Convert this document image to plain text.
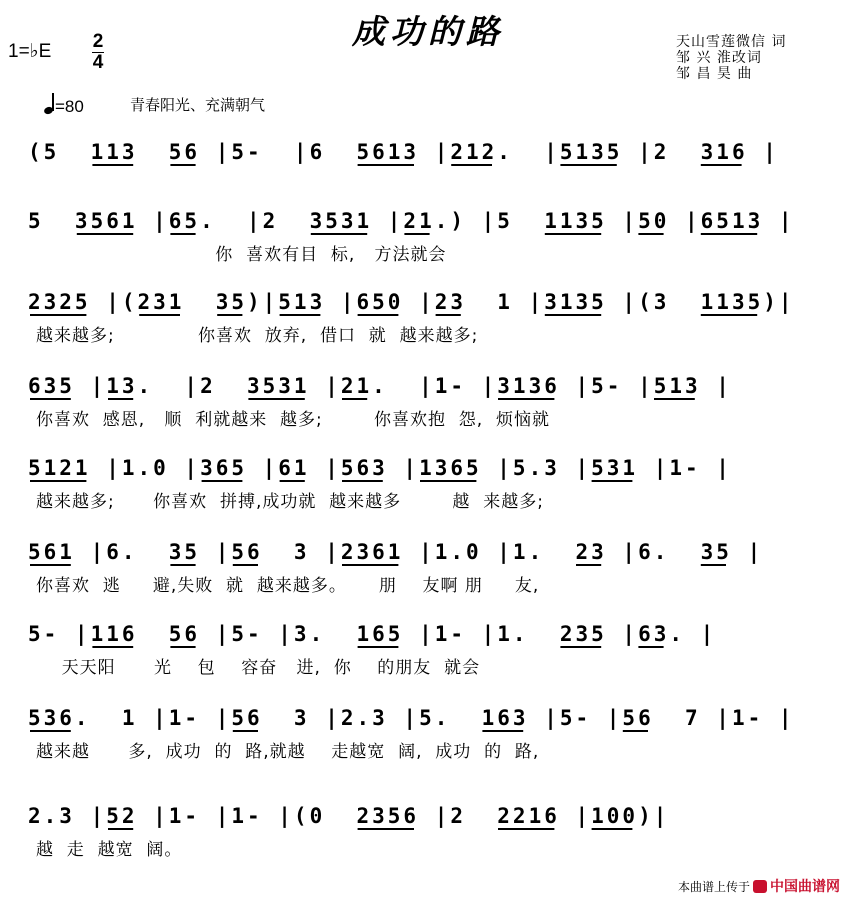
成功的路
1=♭E 2
4
天山雪莲微信 词
邹 兴 淮改词
邹 昌 昊 曲
=80	青春阳光、充满朝气
(5  113  56 |5-  |6  5613 |212.  |5135 |2  316 |
5  3561 |65.  |2  3531 |21.) |5  1135 |50 |6513 |
你  喜欢有目  标,   方法就会
2325 |(231  35)|513 |650 |23  1 |3135 |(3  1135)|
越来越多;             你喜欢  放弃,  借口  就  越来越多;
635 |13.  |2  3531 |21.  |1- |3136 |5- |513 |
你喜欢  感恩,   顺  利就越来  越多;        你喜欢抱  怨,  烦恼就
5121 |1.0 |365 |61 |563 |1365 |5.3 |531 |1- |
越来越多;      你喜欢  拼搏,成功就  越来越多        越  来越多;
561 |6.  35 |56  3 |2361 |1.0 |1.  23 |6.  35 |
你喜欢  逃     避,失败  就  越来越多。     朋    友啊 朋     友,
5- |116  56 |5- |3.  165 |1- |1.  235 |63. |
天天阳      光    包    容奋   进,  你    的朋友  就会
536.  1 |1- |56  3 |2.3 |5.  163 |5- |56  7 |1- |
越来越      多,  成功  的  路,就越    走越宽  阔,  成功  的  路,
2.3 |52 |1- |1- |(0  2356 |2  2216 |100)|
越  走  越宽  阔。
本曲谱上传于 中国曲谱网
